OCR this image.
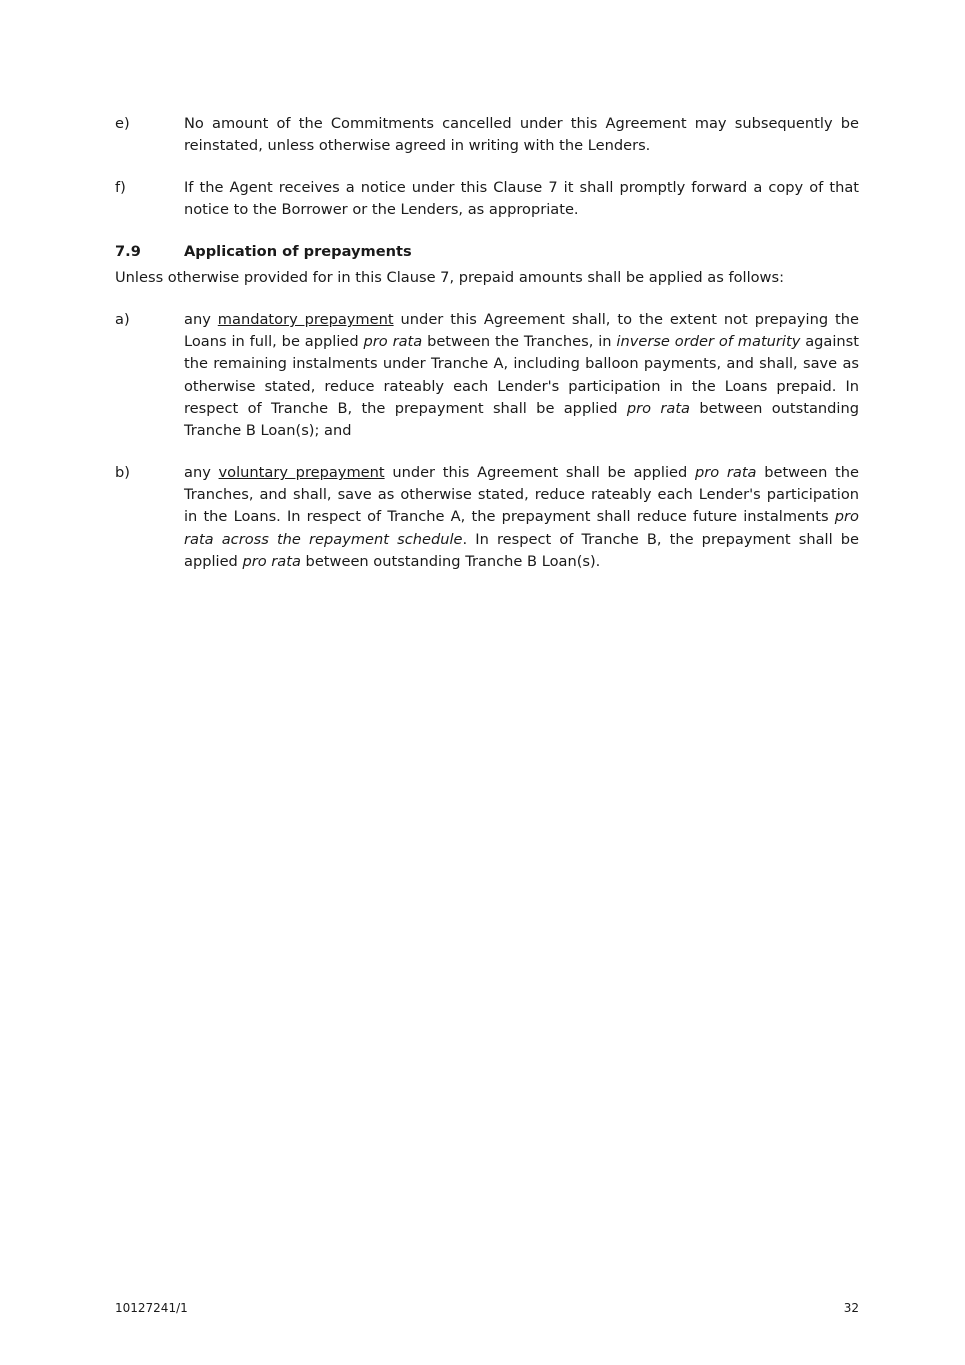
e)	No amount of the Commitments cancelled under this Agreement may subsequently be reinstated, unless otherwise agreed in writing with the Lenders.
f)	If the Agent receives a notice under this Clause 7 it shall promptly forward a copy of that notice to the Borrower or the Lenders, as appropriate.
7.9	Application of prepayments
Unless otherwise provided for in this Clause 7, prepaid amounts shall be applied as follows:
a)	any mandatory prepayment under this Agreement shall, to the extent not prepaying the Loans in full, be applied pro rata between the Tranches, in inverse order of maturity against the remaining instalments under Tranche A, including balloon payments, and shall, save as otherwise stated, reduce rateably each Lender's participation in the Loans prepaid. In respect of Tranche B, the prepayment shall be applied pro rata between outstanding Tranche B Loan(s); and
b)	any voluntary prepayment under this Agreement shall be applied pro rata between the Tranches, and shall, save as otherwise stated, reduce rateably each Lender's participation in the Loans. In respect of Tranche A, the prepayment shall reduce future instalments pro rata across the repayment schedule. In respect of Tranche B, the prepayment shall be applied pro rata between outstanding Tranche B Loan(s).
10127241/1	32
